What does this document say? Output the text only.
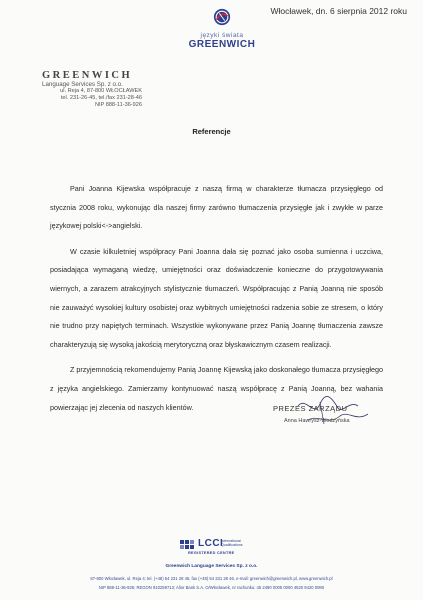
Włocławek, dn. 6 sierpnia 2012 roku
języki świata
GREENWICH
GREENWICH
Language Services Sp. z o.o.
ul. Reja 4, 87-800 WŁOCŁAWEK
tel. 231-26-45, tel./fax 231-28-46
NIP 888-11-36-926
Referencje

Pani Joanna Kijewska współpracuje z naszą firmą w charakterze tłumacza przysięgłego od stycznia 2008 roku, wykonując dla naszej firmy zarówno tłumaczenia przysięgłe jak i zwykłe w parze językowej polski<->angielski.

W czasie kilkuletniej współpracy Pani Joanna dała się poznać jako osoba sumienna i uczciwa, posiadająca wymaganą wiedzę, umiejętności oraz doświadczenie konieczne do przygotowywania wiernych, a zarazem atrakcyjnych stylistycznie tłumaczeń. Współpracując z Panią Joanną nie sposób nie zauważyć wysokiej kultury osobistej oraz wybitnych umiejętności radzenia sobie ze stresem, o który nie trudno przy napiętych terminach. Wszystkie wykonywane przez Panią Joannę tłumaczenia zawsze charakteryzują się wysoką jakością merytoryczną oraz błyskawicznym czasem realizacji.

Z przyjemnością rekomendujemy Panią Joannę Kijewską jako doskonałego tłumacza przysięgłego z języka angielskiego. Zamierzamy kontynuować naszą współpracę z Panią Joanną, bez wahania powierzając jej zlecenia od naszych klientów.	PREZES ZARZĄDU
Anna Hawrysz-Wodzyńska
LCCI
International
Qualifications
REGISTERED CENTRE
Greenwich Language Services Sp. z o.o.
87-800 Włocławek, ul. Reja 4; tel. (+48) 54 231 28 45, fax (+48) 54 231 28 46, e-mail: greenwich@greenwich.pl, www.greenwich.pl
NIP 888-11-36-926; REGON 910259713; Alior Bank S.A. O/Włocławek, nr rachunku: 45 2490 0005 0000 4520 9420 0080
